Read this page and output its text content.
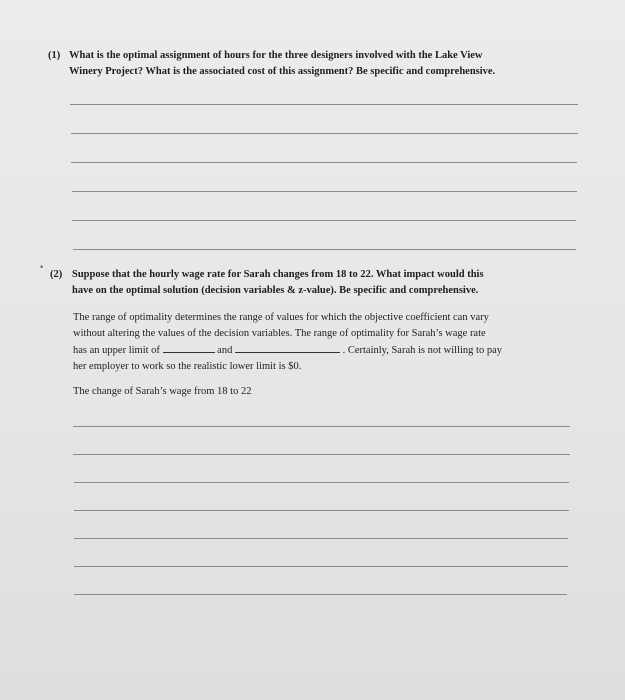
(1) What is the optimal assignment of hours for the three designers involved with the Lake View
Winery Project? What is the associated cost of this assignment? Be specific and comprehensive.
•
(2) Suppose that the hourly wage rate for Sarah changes from 18 to 22. What impact would this
have on the optimal solution (decision variables & z-value). Be specific and comprehensive.
The range of optimality determines the range of values for which the objective coefficient can vary
without altering the values of the decision variables. The range of optimality for Sarah’s wage rate
has an upper limit of	and	. Certainly, Sarah is not willing to pay
her employer to work so the realistic lower limit is $0.
The change of Sarah’s wage from 18 to 22
